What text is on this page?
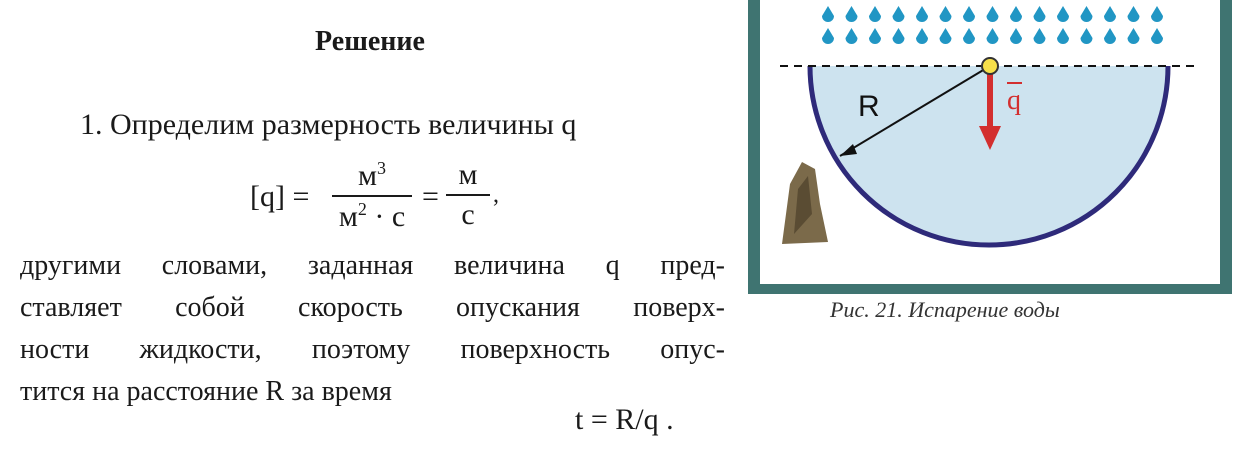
Решение
1. Определим размерность величины q
[q] =
$м^3$
$м^2 \cdot с$
=
м
с
,
другими словами, заданная величина q пред-
ставляет собой скорость опускания поверх-
ности жидкости, поэтому поверхность опус-
тится на расстояние R за время
t = R/q .
R	q
Рис. 21. Испарение воды
